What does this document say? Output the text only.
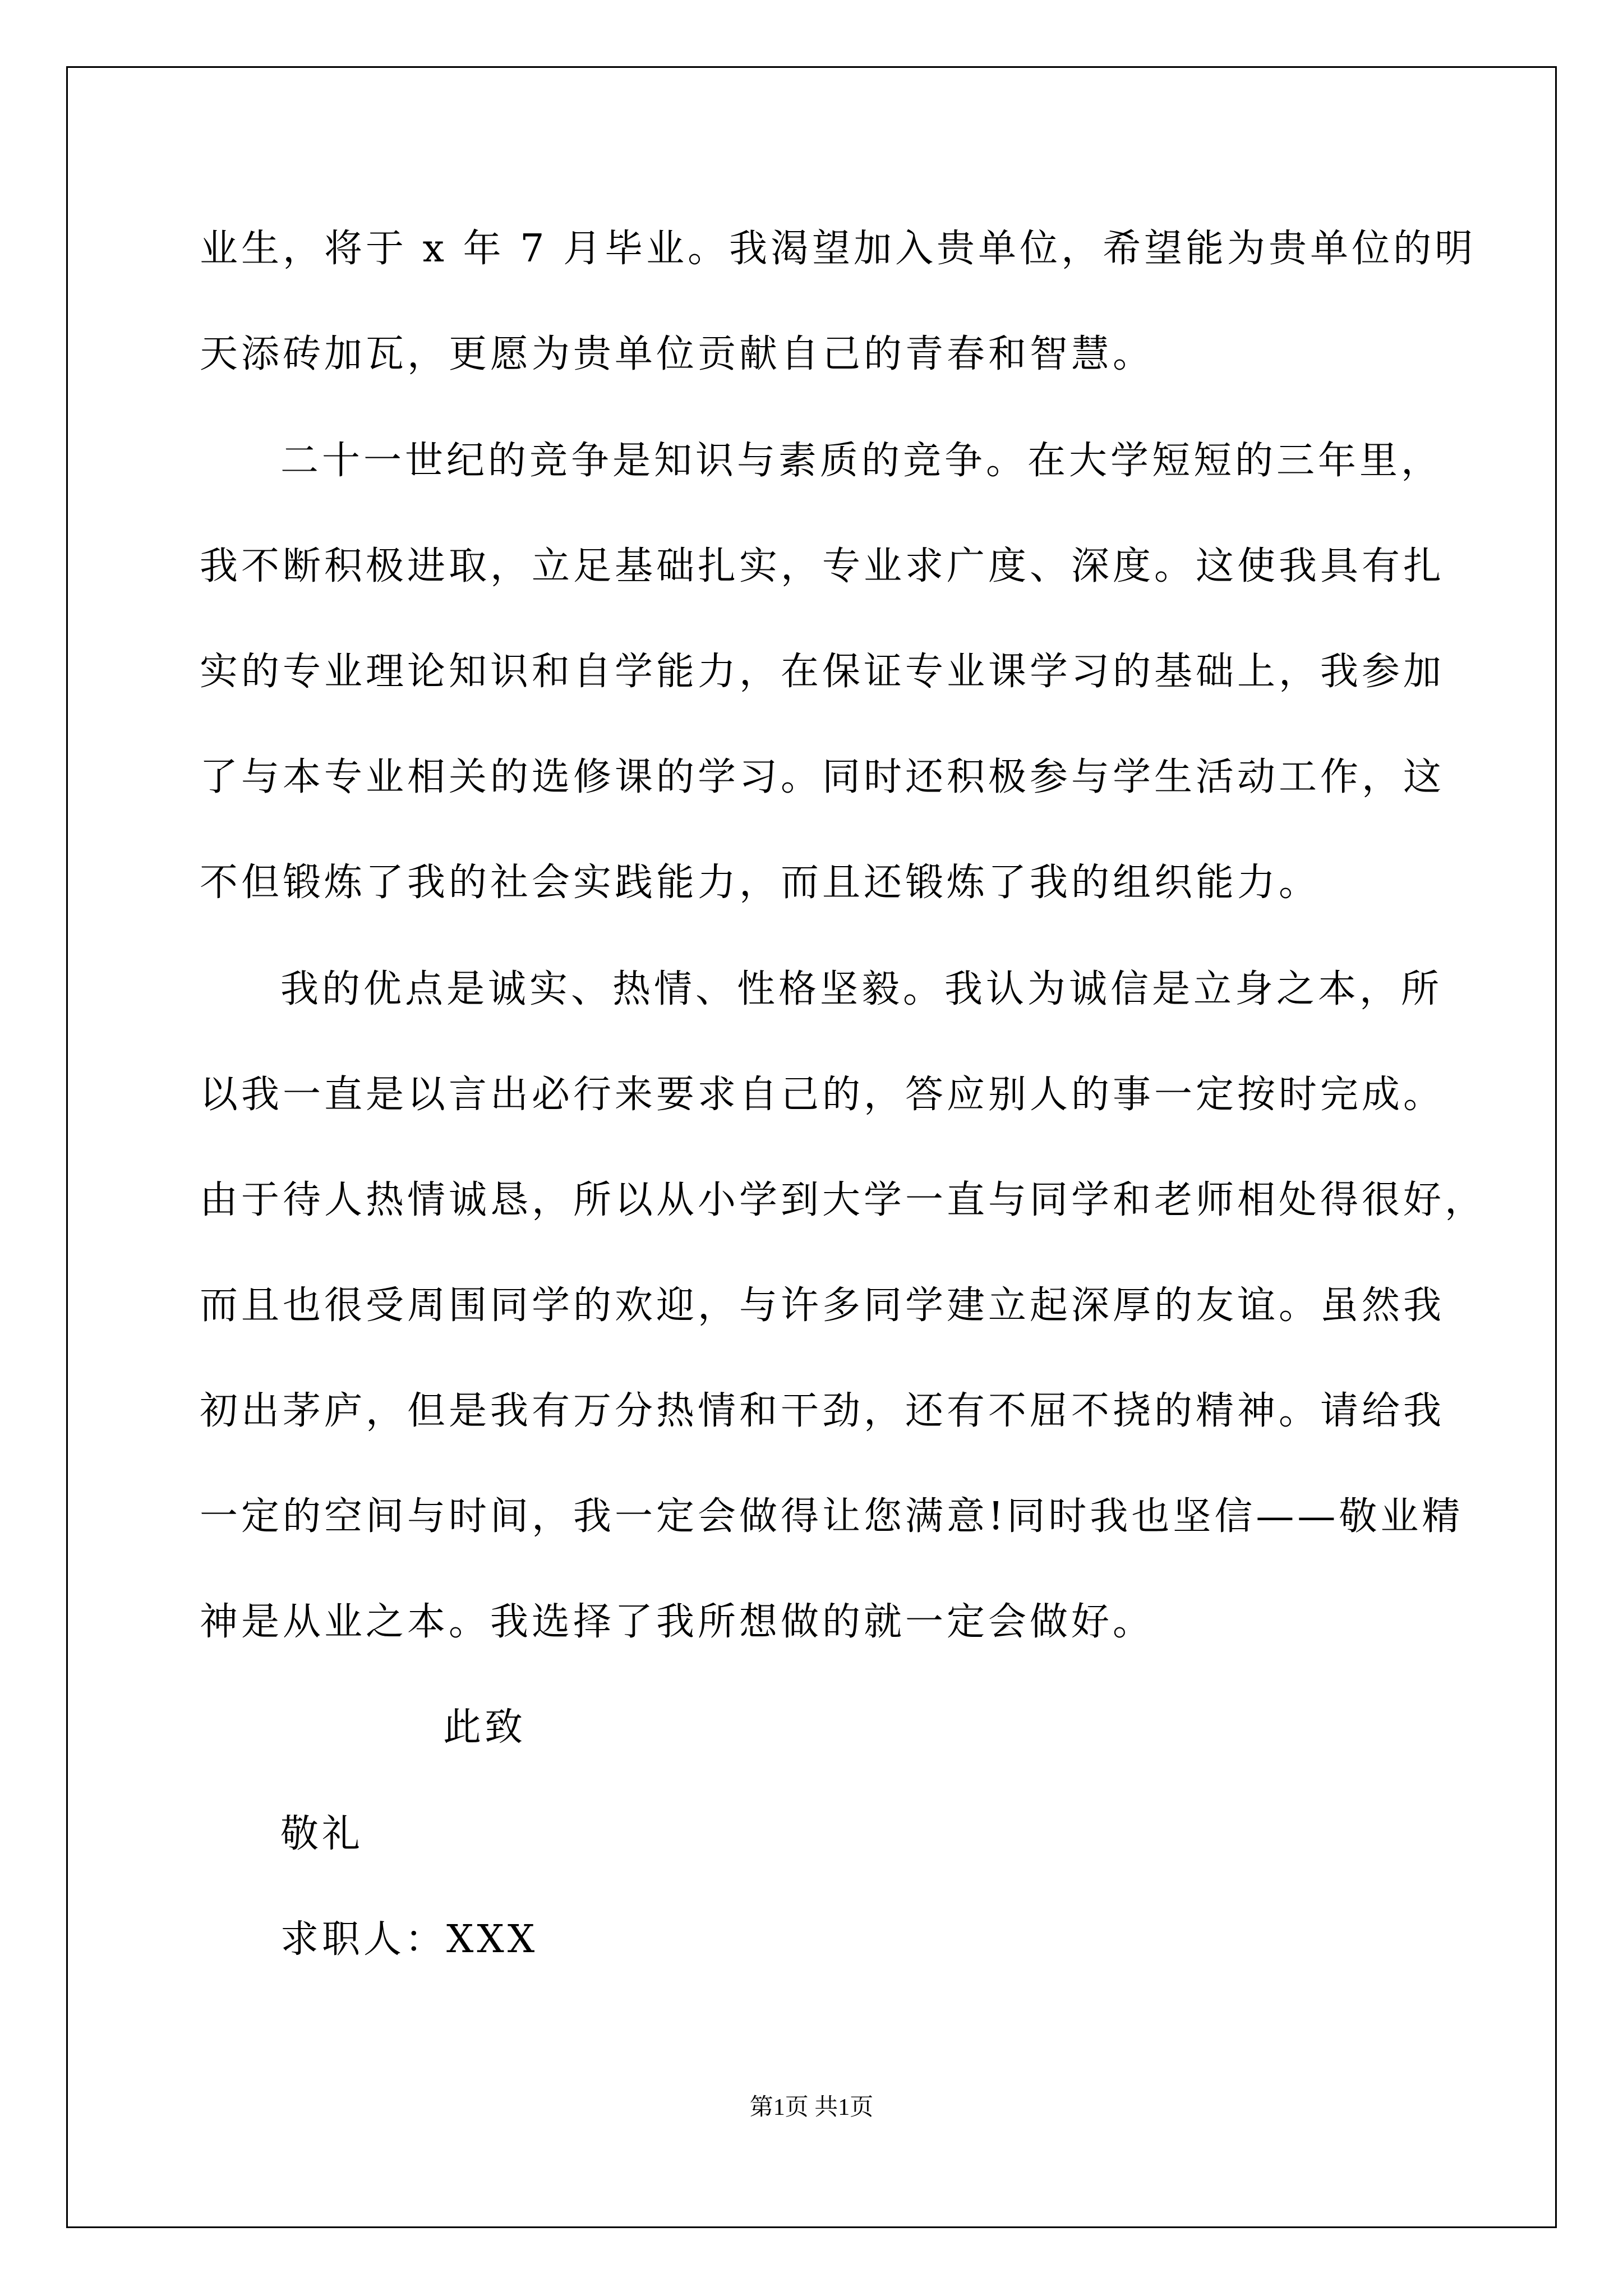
业生，将于 x 年 7 月毕业。我渴望加入贵单位，希望能为贵单位的明
天添砖加瓦，更愿为贵单位贡献自己的青春和智慧。
二十一世纪的竞争是知识与素质的竞争。在大学短短的三年里，
我不断积极进取，立足基础扎实，专业求广度、深度。这使我具有扎
实的专业理论知识和自学能力，在保证专业课学习的基础上，我参加
了与本专业相关的选修课的学习。同时还积极参与学生活动工作，这
不但锻炼了我的社会实践能力，而且还锻炼了我的组织能力。
我的优点是诚实、热情、性格坚毅。我认为诚信是立身之本，所
以我一直是以言出必行来要求自己的，答应别人的事一定按时完成。
由于待人热情诚恳，所以从小学到大学一直与同学和老师相处得很好，
而且也很受周围同学的欢迎，与许多同学建立起深厚的友谊。虽然我
初出茅庐，但是我有万分热情和干劲，还有不屈不挠的精神。请给我
一定的空间与时间，我一定会做得让您满意!同时我也坚信——敬业精
神是从业之本。我选择了我所想做的就一定会做好。
此致
敬礼
求职人：XXX
第1页 共1页
